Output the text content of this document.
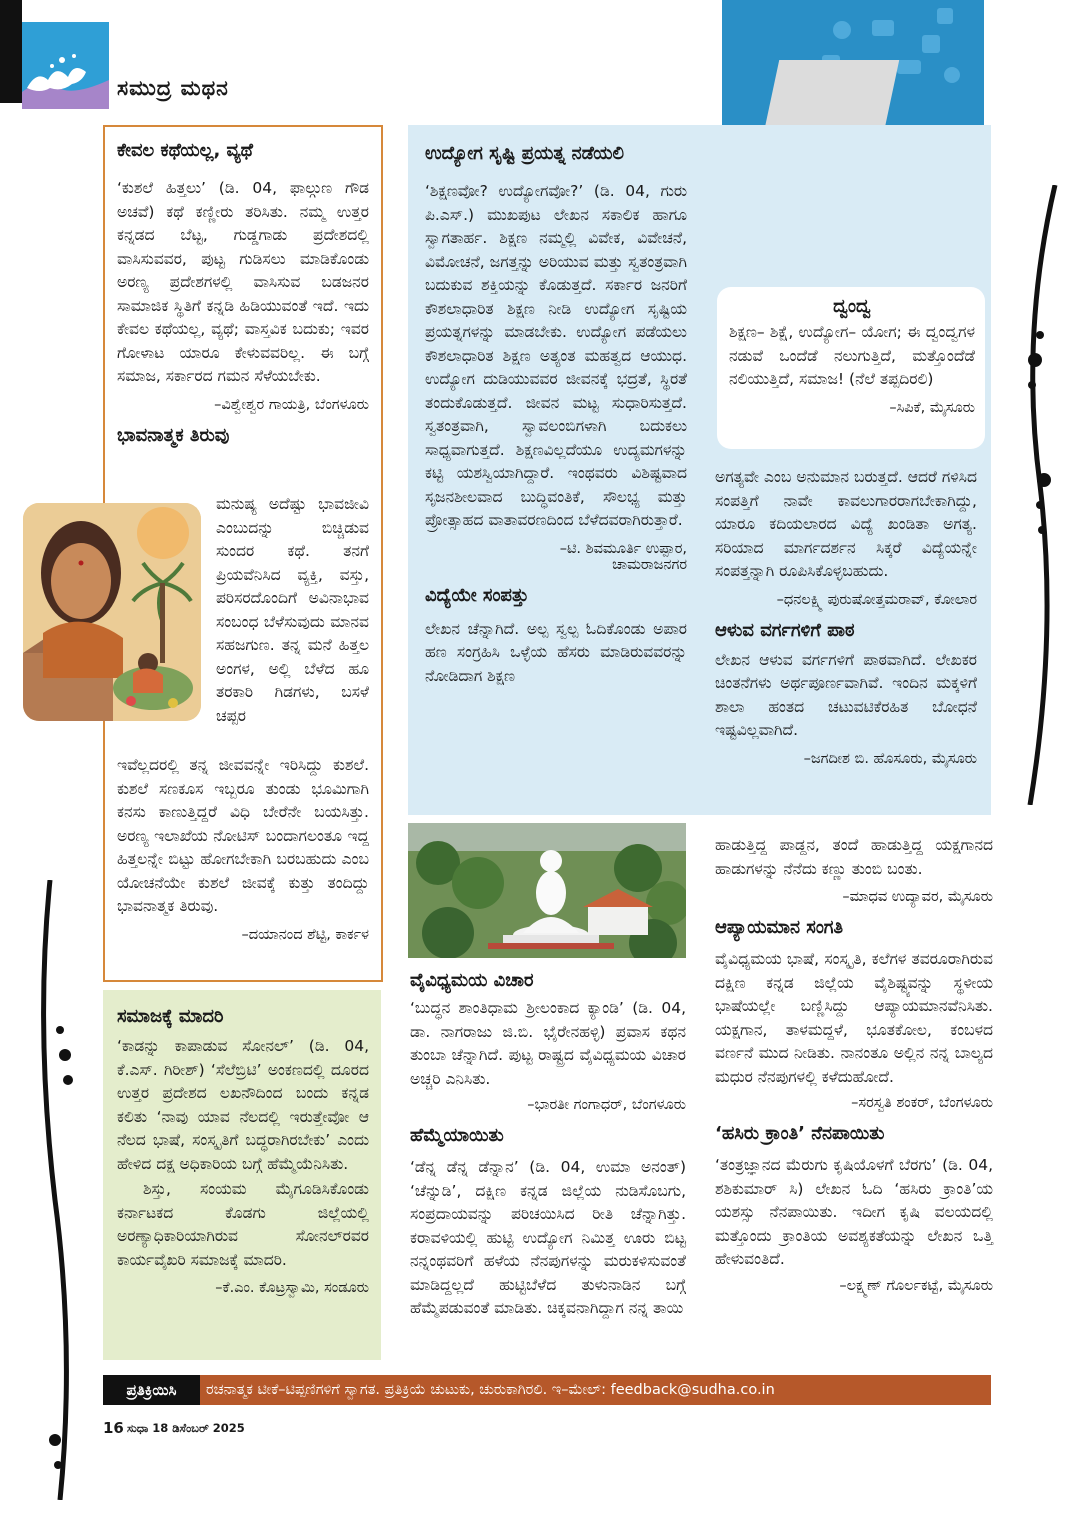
ಸಮುದ್ರ ಮಥನ

ಕೇವಲ ಕಥೆಯಲ್ಲ, ವ್ಯಥೆ

‘ಕುಶಲೆ ಹಿತ್ತಲು’ (ಡಿ. 04, ಫಾಲ್ಗುಣ ಗೌಡ ಅಚವೆ) ಕಥೆ ಕಣ್ಣೀರು ತರಿಸಿತು. ನಮ್ಮ ಉತ್ತರ ಕನ್ನಡದ ಬೆಟ್ಟ, ಗುಡ್ಡಗಾಡು ಪ್ರದೇಶದಲ್ಲಿ ವಾಸಿಸುವವರ, ಪುಟ್ಟ ಗುಡಿಸಲು ಮಾಡಿಕೊಂಡು ಅರಣ್ಯ ಪ್ರದೇಶಗಳಲ್ಲಿ ವಾಸಿಸುವ ಬಡಜನರ ಸಾಮಾಜಿಕ ಸ್ಥಿತಿಗೆ ಕನ್ನಡಿ ಹಿಡಿಯುವಂತೆ ಇದೆ. ಇದು ಕೇವಲ ಕಥೆಯಲ್ಲ, ವ್ಯಥೆ; ವಾಸ್ತವಿಕ ಬದುಕು; ಇವರ ಗೋಳಾಟ ಯಾರೂ ಕೇಳುವವರಿಲ್ಲ. ಈ ಬಗ್ಗೆ ಸಮಾಜ, ಸರ್ಕಾರದ ಗಮನ ಸೆಳೆಯಬೇಕು.

–ವಿಶ್ವೇಶ್ವರ ಗಾಯತ್ರಿ, ಬೆಂಗಳೂರು

ಭಾವನಾತ್ಮಕ ತಿರುವು

ಮನುಷ್ಯ ಅದೆಷ್ಟು ಭಾವಜೀವಿ ಎಂಬುದನ್ನು ಬಿಚ್ಚಿಡುವ ಸುಂದರ ಕಥೆ. ತನಗೆ ಪ್ರಿಯವೆನಿಸಿದ ವ್ಯಕ್ತಿ, ವಸ್ತು, ಪರಿಸರದೊಂದಿಗೆ ಅವಿನಾಭಾವ ಸಂಬಂಧ ಬೆಳೆಸುವುದು ಮಾನವ ಸಹಜಗುಣ. ತನ್ನ ಮನೆ ಹಿತ್ತಲ ಅಂಗಳ, ಅಲ್ಲಿ ಬೆಳೆದ ಹೂ ತರಕಾರಿ ಗಿಡಗಳು, ಬಸಳೆ ಚಪ್ಪರ

ಇವೆಲ್ಲದರಲ್ಲಿ ತನ್ನ ಜೀವವನ್ನೇ ಇರಿಸಿದ್ದು ಕುಶಲೆ. ಕುಶಲೆ ಸಣಕೂಸ ಇಬ್ಬರೂ ತುಂಡು ಭೂಮಿಗಾಗಿ ಕನಸು ಕಾಣುತ್ತಿದ್ದರೆ ವಿಧಿ ಬೇರೆನೇ ಬಯಸಿತ್ತು. ಅರಣ್ಯ ಇಲಾಖೆಯ ನೋಟಿಸ್ ಬಂದಾಗಲಂತೂ ಇದ್ದ ಹಿತ್ತಲನ್ನೇ ಬಿಟ್ಟು ಹೋಗಬೇಕಾಗಿ ಬರಬಹುದು ಎಂಬ ಯೋಚನೆಯೇ ಕುಶಲೆ ಜೀವಕ್ಕೆ ಕುತ್ತು ತಂದಿದ್ದು ಭಾವನಾತ್ಮಕ ತಿರುವು.

–ದಯಾನಂದ ಶೆಟ್ಟಿ, ಕಾರ್ಕಳ

ಸಮಾಜಕ್ಕೆ ಮಾದರಿ

‘ಕಾಡನ್ನು ಕಾಪಾಡುವ ಸೋನಲ್’ (ಡಿ. 04, ಕೆ.ಎಸ್. ಗಿರೀಶ್) ‘ಸೆಲೆಬ್ರಿಟಿ’ ಅಂಕಣದಲ್ಲಿ ದೂರದ ಉತ್ತರ ಪ್ರದೇಶದ ಲಖನೌದಿಂದ ಬಂದು ಕನ್ನಡ ಕಲಿತು ‘ನಾವು ಯಾವ ನೆಲದಲ್ಲಿ ಇರುತ್ತೇವೋ ಆ ನೆಲದ ಭಾಷೆ, ಸಂಸ್ಕೃತಿಗೆ ಬದ್ಧರಾಗಿರಬೇಕು’ ಎಂದು ಹೇಳಿದ ದಕ್ಷ ಅಧಿಕಾರಿಯ ಬಗ್ಗೆ ಹೆಮ್ಮೆಯೆನಿಸಿತು.

ಶಿಸ್ತು, ಸಂಯಮ ಮೈಗೂಡಿಸಿಕೊಂಡು ಕರ್ನಾಟಕದ ಕೊಡಗು ಜಿಲ್ಲೆಯಲ್ಲಿ ಅರಣ್ಯಾಧಿಕಾರಿಯಾಗಿರುವ ಸೋನಲ್‌ರವರ ಕಾರ್ಯವೈಖರಿ ಸಮಾಜಕ್ಕೆ ಮಾದರಿ.

–ಕೆ.ಎಂ. ಕೊಟ್ರಸ್ವಾಮಿ, ಸಂಡೂರು

ಉದ್ಯೋಗ ಸೃಷ್ಟಿ ಪ್ರಯತ್ನ ನಡೆಯಲಿ

‘ಶಿಕ್ಷಣವೋ? ಉದ್ಯೋಗವೋ?’ (ಡಿ. 04, ಗುರು ಪಿ.ಎಸ್.) ಮುಖಪುಟ ಲೇಖನ ಸಕಾಲಿಕ ಹಾಗೂ ಸ್ವಾಗತಾರ್ಹ. ಶಿಕ್ಷಣ ನಮ್ಮಲ್ಲಿ ವಿವೇಕ, ವಿವೇಚನೆ, ವಿಮೋಚನೆ, ಜಗತ್ತನ್ನು ಅರಿಯುವ ಮತ್ತು ಸ್ವತಂತ್ರವಾಗಿ ಬದುಕುವ ಶಕ್ತಿಯನ್ನು ಕೊಡುತ್ತದೆ. ಸರ್ಕಾರ ಜನರಿಗೆ ಕೌಶಲಾಧಾರಿತ ಶಿಕ್ಷಣ ನೀಡಿ ಉದ್ಯೋಗ ಸೃಷ್ಟಿಯ ಪ್ರಯತ್ನಗಳನ್ನು ಮಾಡಬೇಕು. ಉದ್ಯೋಗ ಪಡೆಯಲು ಕೌಶಲಾಧಾರಿತ ಶಿಕ್ಷಣ ಅತ್ಯಂತ ಮಹತ್ವದ ಆಯುಧ. ಉದ್ಯೋಗ ದುಡಿಯುವವರ ಜೀವನಕ್ಕೆ ಭದ್ರತೆ, ಸ್ಥಿರತೆ ತಂದುಕೊಡುತ್ತದೆ. ಜೀವನ ಮಟ್ಟ ಸುಧಾರಿಸುತ್ತದೆ. ಸ್ವತಂತ್ರವಾಗಿ, ಸ್ವಾವಲಂಬಿಗಳಾಗಿ ಬದುಕಲು ಸಾಧ್ಯವಾಗುತ್ತದೆ. ಶಿಕ್ಷಣವಿಲ್ಲದೆಯೂ ಉದ್ಯಮಗಳನ್ನು ಕಟ್ಟಿ ಯಶಸ್ವಿಯಾಗಿದ್ದಾರೆ. ಇಂಥವರು ವಿಶಿಷ್ಟವಾದ ಸೃಜನಶೀಲವಾದ ಬುದ್ಧಿವಂತಿಕೆ, ಸೌಲಭ್ಯ ಮತ್ತು ಪ್ರೋತ್ಸಾಹದ ವಾತಾವರಣದಿಂದ ಬೆಳೆದವರಾಗಿರುತ್ತಾರೆ.

–ಟಿ. ಶಿವಮೂರ್ತಿ ಉಪ್ಪಾರ,

ಚಾಮರಾಜನಗರ

ವಿದ್ಯೆಯೇ ಸಂಪತ್ತು

ಲೇಖನ ಚೆನ್ನಾಗಿದೆ. ಅಲ್ಪ ಸ್ವಲ್ಪ ಓದಿಕೊಂಡು ಅಪಾರ ಹಣ ಸಂಗ್ರಹಿಸಿ ಒಳ್ಳೆಯ ಹೆಸರು ಮಾಡಿರುವವರನ್ನು ನೋಡಿದಾಗ ಶಿಕ್ಷಣ

ದ್ವಂದ್ವ

ಶಿಕ್ಷಣ– ಶಿಕ್ಷೆ, ಉದ್ಯೋಗ– ಯೋಗ; ಈ ದ್ವಂದ್ವಗಳ ನಡುವೆ ಒಂದೆಡೆ ನಲುಗುತ್ತಿದೆ, ಮತ್ತೊಂದೆಡೆ ನಲಿಯುತ್ತಿದೆ, ಸಮಾಜ! (ನೆಲೆ ತಪ್ಪದಿರಲಿ)

–ಸಿಪಿಕೆ, ಮೈಸೂರು

ಅಗತ್ಯವೇ ಎಂಬ ಅನುಮಾನ ಬರುತ್ತದೆ. ಆದರೆ ಗಳಿಸಿದ ಸಂಪತ್ತಿಗೆ ನಾವೇ ಕಾವಲುಗಾರರಾಗಬೇಕಾಗಿದ್ದು, ಯಾರೂ ಕದಿಯಲಾರದ ವಿದ್ಯೆ ಖಂಡಿತಾ ಅಗತ್ಯ. ಸರಿಯಾದ ಮಾರ್ಗದರ್ಶನ ಸಿಕ್ಕರೆ ವಿದ್ಯೆಯನ್ನೇ ಸಂಪತ್ತನ್ನಾಗಿ ರೂಪಿಸಿಕೊಳ್ಳಬಹುದು.

–ಧನಲಕ್ಷ್ಮಿ ಪುರುಷೋತ್ತಮರಾವ್, ಕೋಲಾರ

ಆಳುವ ವರ್ಗಗಳಿಗೆ ಪಾಠ

ಲೇಖನ ಆಳುವ ವರ್ಗಗಳಿಗೆ ಪಾಠವಾಗಿದೆ. ಲೇಖಕರ ಚಿಂತನೆಗಳು ಅರ್ಥಪೂರ್ಣವಾಗಿವೆ. ಇಂದಿನ ಮಕ್ಕಳಿಗೆ ಶಾಲಾ ಹಂತದ ಚಟುವಟಿಕೆರಹಿತ ಬೋಧನೆ ಇಷ್ಟವಿಲ್ಲವಾಗಿದೆ.

–ಜಗದೀಶ ಬಿ. ಹೊಸೂರು, ಮೈಸೂರು

ವೈವಿಧ್ಯಮಯ ವಿಚಾರ

‘ಬುದ್ಧನ ಶಾಂತಿಧಾಮ ಶ್ರೀಲಂಕಾದ ಕ್ಯಾಂಡಿ’ (ಡಿ. 04, ಡಾ. ನಾಗರಾಜು ಜಿ.ಬಿ. ಭೈರೇನಹಳ್ಳಿ) ಪ್ರವಾಸ ಕಥನ ತುಂಬಾ ಚೆನ್ನಾಗಿದೆ. ಪುಟ್ಟ ರಾಷ್ಟ್ರದ ವೈವಿಧ್ಯಮಯ ವಿಚಾರ ಅಚ್ಚರಿ ಎನಿಸಿತು.

–ಭಾರತೀ ಗಂಗಾಧರ್, ಬೆಂಗಳೂರು

ಹೆಮ್ಮೆಯಾಯಿತು

‘ಡೆನ್ನ ಡೆನ್ನ ಡೆನ್ನಾನ’ (ಡಿ. 04, ಉಮಾ ಅನಂತ್) ‘ಚೆನ್ನುಡಿ’, ದಕ್ಷಿಣ ಕನ್ನಡ ಜಿಲ್ಲೆಯ ನುಡಿಸೊಬಗು, ಸಂಪ್ರದಾಯವನ್ನು ಪರಿಚಯಿಸಿದ ರೀತಿ ಚೆನ್ನಾಗಿತ್ತು. ಕರಾವಳಿಯಲ್ಲಿ ಹುಟ್ಟಿ ಉದ್ಯೋಗ ನಿಮಿತ್ತ ಊರು ಬಿಟ್ಟ ನನ್ನಂಥವರಿಗೆ ಹಳೆಯ ನೆನಪುಗಳನ್ನು ಮರುಕಳಿಸುವಂತೆ ಮಾಡಿದ್ದಲ್ಲದೆ ಹುಟ್ಟಿಬೆಳೆದ ತುಳುನಾಡಿನ ಬಗ್ಗೆ ಹೆಮ್ಮೆಪಡುವಂತೆ ಮಾಡಿತು. ಚಿಕ್ಕವನಾಗಿದ್ದಾಗ ನನ್ನ ತಾಯಿ

ಹಾಡುತ್ತಿದ್ದ ಪಾಡ್ದನ, ತಂದೆ ಹಾಡುತ್ತಿದ್ದ ಯಕ್ಷಗಾನದ ಹಾಡುಗಳನ್ನು ನೆನೆದು ಕಣ್ಣು ತುಂಬಿ ಬಂತು.

–ಮಾಧವ ಉದ್ಯಾವರ, ಮೈಸೂರು

ಆಪ್ಯಾಯಮಾನ ಸಂಗತಿ

ವೈವಿಧ್ಯಮಯ ಭಾಷೆ, ಸಂಸ್ಕೃತಿ, ಕಲೆಗಳ ತವರೂರಾಗಿರುವ ದಕ್ಷಿಣ ಕನ್ನಡ ಜಿಲ್ಲೆಯ ವೈಶಿಷ್ಟ್ಯವನ್ನು ಸ್ಥಳೀಯ ಭಾಷೆಯಲ್ಲೇ ಬಣ್ಣಿಸಿದ್ದು ಆಪ್ಯಾಯಮಾನವೆನಿಸಿತು. ಯಕ್ಷಗಾನ, ತಾಳಮದ್ದಳೆ, ಭೂತಕೋಲ, ಕಂಬಳದ ವರ್ಣನೆ ಮುದ ನೀಡಿತು. ನಾನಂತೂ ಅಲ್ಲಿನ ನನ್ನ ಬಾಲ್ಯದ ಮಧುರ ನೆನಪುಗಳಲ್ಲಿ ಕಳೆದುಹೋದೆ.

–ಸರಸ್ವತಿ ಶಂಕರ್, ಬೆಂಗಳೂರು

‘ಹಸಿರು ಕ್ರಾಂತಿ’ ನೆನಪಾಯಿತು

‘ತಂತ್ರಜ್ಞಾನದ ಮೆರುಗು ಕೃಷಿಯೊಳಗೆ ಬೆರಗು’ (ಡಿ. 04, ಶಶಿಕುಮಾರ್ ಸಿ) ಲೇಖನ ಓದಿ ‘ಹಸಿರು ಕ್ರಾಂತಿ’ಯ ಯಶಸ್ಸು ನೆನಪಾಯಿತು. ಇದೀಗ ಕೃಷಿ ವಲಯದಲ್ಲಿ ಮತ್ತೊಂದು ಕ್ರಾಂತಿಯ ಅವಶ್ಯಕತೆಯನ್ನು ಲೇಖನ ಒತ್ತಿ ಹೇಳುವಂತಿದೆ.

–ಲಕ್ಷ್ಮಣ್ ಗೊರ್ಲಕಟ್ಟೆ, ಮೈಸೂರು

ಪ್ರತಿಕ್ರಿಯಿಸಿ	ರಚನಾತ್ಮಕ ಟೀಕೆ–ಟಿಪ್ಪಣಿಗಳಿಗೆ ಸ್ವಾಗತ. ಪ್ರತಿಕ್ರಿಯೆ ಚುಟುಕು, ಚುರುಕಾಗಿರಲಿ. ಇ–ಮೇಲ್: feedback@sudha.co.in
16 ಸುಧಾ 18 ಡಿಸೆಂಬರ್ 2025
